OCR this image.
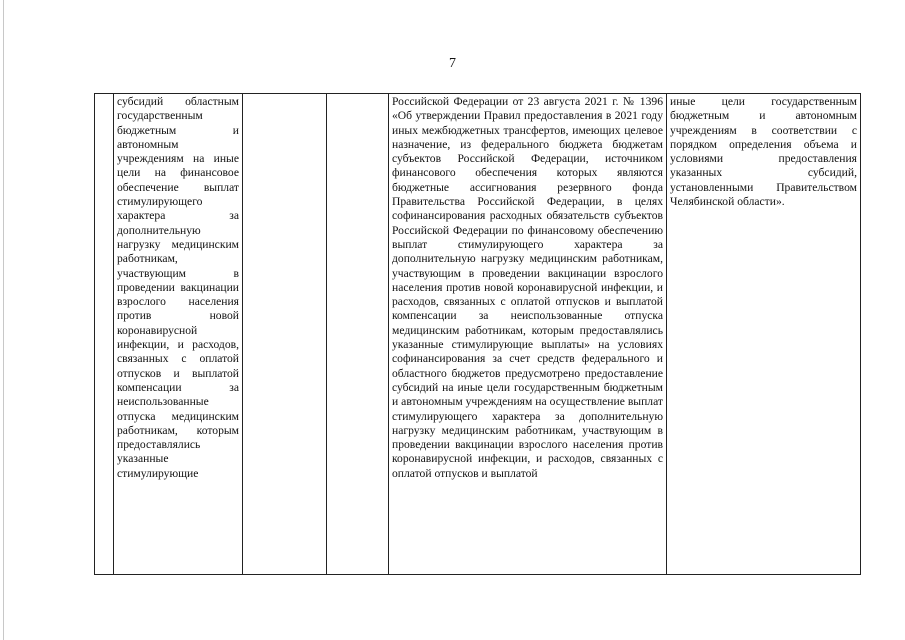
7
	субсидий областным государственным бюджетным и автономным учреждениям на иные цели на финансовое обеспечение выплат стимулирующего характера за дополнительную нагрузку медицинским работникам, участвующим в проведении вакцинации взрослого населения против новой коронавирусной инфекции, и расходов, связанных с оплатой отпусков и выплатой компенсации за неиспользованные отпуска медицинским работникам, которым предоставлялись указанные стимулирующие			Российской Федерации от 23 августа 2021 г. № 1396 «Об утверждении Правил предоставления в 2021 году иных межбюджетных трансфертов, имеющих целевое назначение, из федерального бюджета бюджетам субъектов Российской Федерации, источником финансового обеспечения которых являются бюджетные ассигнования резервного фонда Правительства Российской Федерации, в целях софинансирования расходных обязательств субъектов Российской Федерации по финансовому обеспечению выплат стимулирующего характера за дополнительную нагрузку медицинским работникам, участвующим в проведении вакцинации взрослого населения против новой коронавирусной инфекции, и расходов, связанных с оплатой отпусков и выплатой компенсации за неиспользованные отпуска медицинским работникам, которым предоставлялись указанные стимулирующие выплаты» на условиях софинансирования за счет средств федерального и областного бюджетов предусмотрено предоставление субсидий на иные цели государственным бюджетным и автономным учреждениям на осуществление выплат стимулирующего характера за дополнительную нагрузку медицинским работникам, участвующим в проведении вакцинации взрослого населения против коронавирусной инфекции, и расходов, связанных с оплатой отпусков и выплатой	иные цели государственным бюджетным и автономным учреждениям в соответствии с порядком определения объема и условиями предоставления указанных субсидий, установленными Правительством Челябинской области».
